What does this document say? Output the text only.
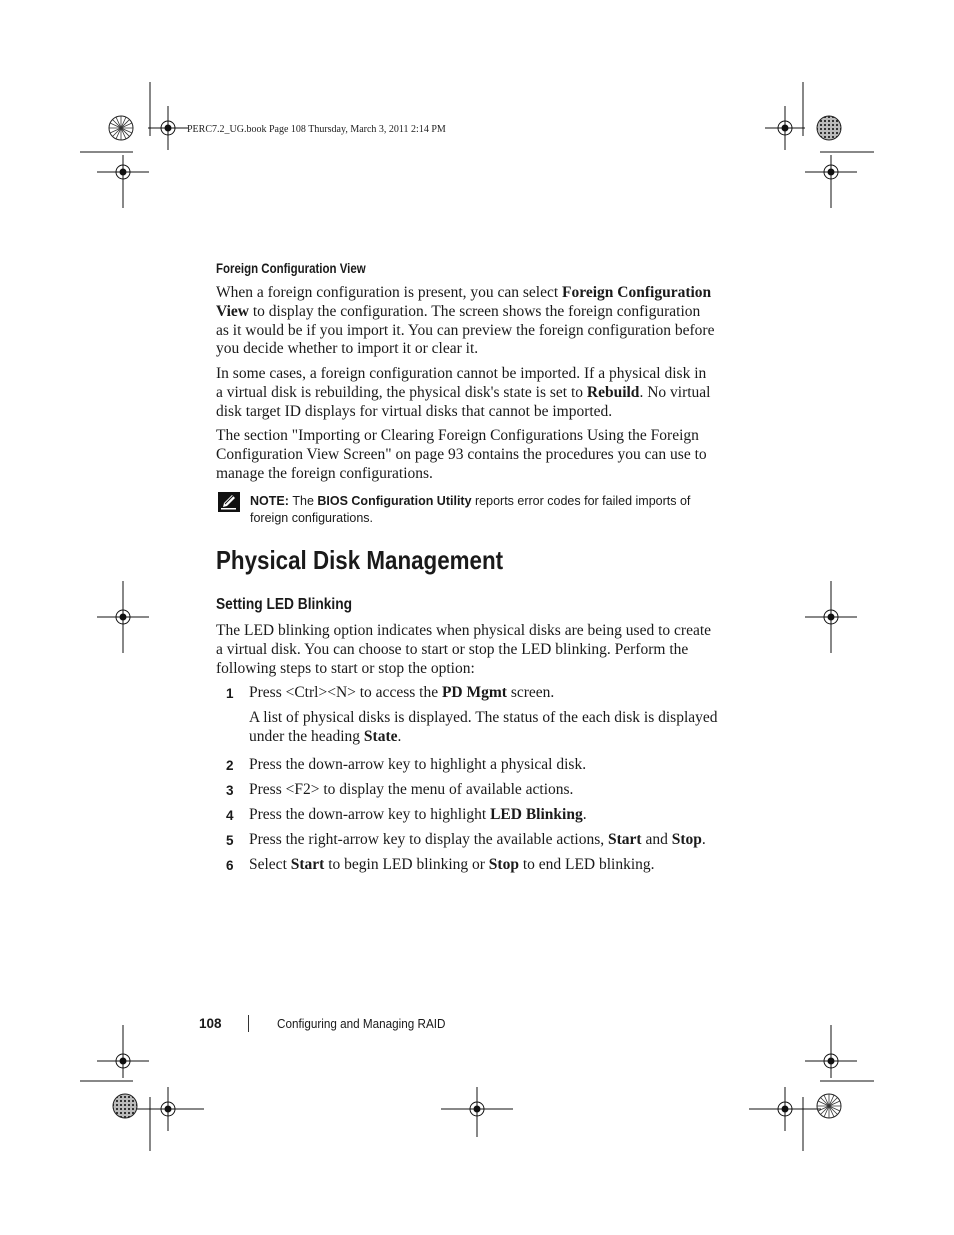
PERC7.2_UG.book Page 108 Thursday, March 3, 2011 2:14 PM
Foreign Configuration View
When a foreign configuration is present, you can select Foreign Configuration View to display the configuration. The screen shows the foreign configuration as it would be if you import it. You can preview the foreign configuration before you decide whether to import it or clear it.
In some cases, a foreign configuration cannot be imported. If a physical disk in a virtual disk is rebuilding, the physical disk's state is set to Rebuild. No virtual disk target ID displays for virtual disks that cannot be imported.
The section "Importing or Clearing Foreign Configurations Using the Foreign Configuration View Screen" on page 93 contains the procedures you can use to manage the foreign configurations.
NOTE: The BIOS Configuration Utility reports error codes for failed imports of foreign configurations.
Physical Disk Management
Setting LED Blinking
The LED blinking option indicates when physical disks are being used to create a virtual disk. You can choose to start or stop the LED blinking. Perform the following steps to start or stop the option:
1 Press <Ctrl><N> to access the PD Mgmt screen.
A list of physical disks is displayed. The status of the each disk is displayed under the heading State.
2 Press the down-arrow key to highlight a physical disk.
3 Press <F2> to display the menu of available actions.
4 Press the down-arrow key to highlight LED Blinking.
5 Press the right-arrow key to display the available actions, Start and Stop.
6 Select Start to begin LED blinking or Stop to end LED blinking.
108	Configuring and Managing RAID
